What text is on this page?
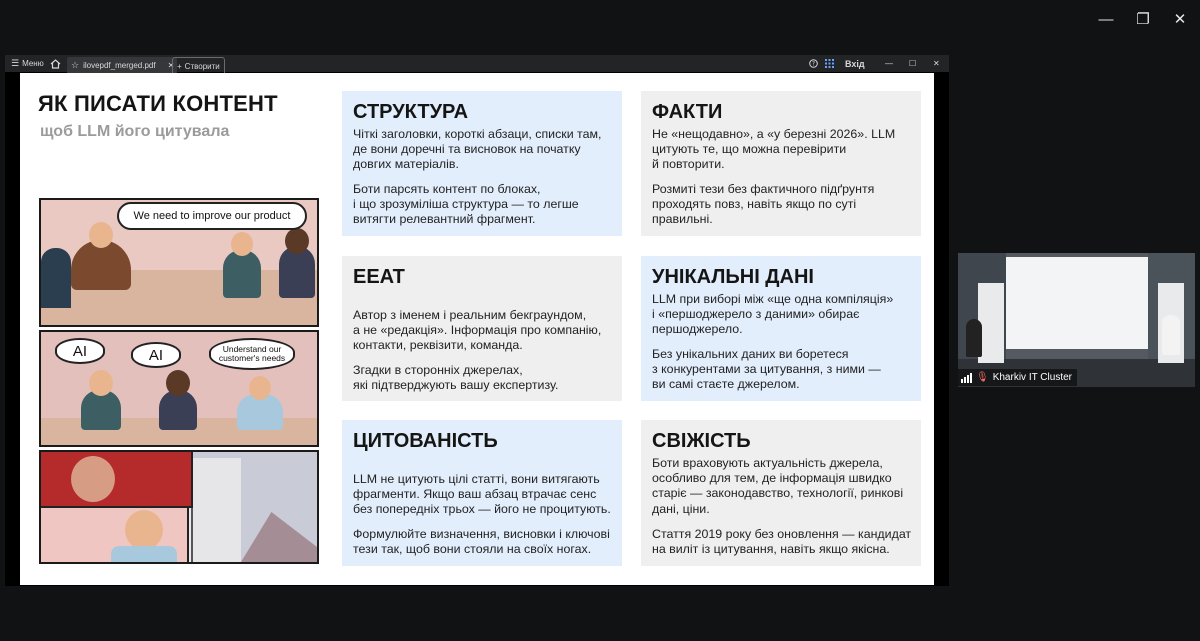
—	❐	✕
☰ Меню	☆ ilovepdf_merged.pdf ✕ + Створити	?	Вхід	— ☐ ✕
ЯК ПИСАТИ КОНТЕНТ
щоб LLM його цитувала
We need to improve our product
AI	AI	Understand our customer's needs
СТРУКТУРА

Чіткі заголовки, короткі абзаци, списки там,
де вони доречні та висновок на початку
довгих матеріалів.

Боти парсять контент по блоках,
і що зрозуміліша структура — то легше
витягти релевантний фрагмент.

ФАКТИ

Не «нещодавно», а «у березні 2026». LLM
цитують те, що можна перевірити
й повторити.

Розмиті тези без фактичного підґрунтя
проходять повз, навіть якщо по суті
правильні.

EEAT

Автор з іменем і реальним бекграундом,
а не «редакція». Інформація про компанію,
контакти, реквізити, команда.

Згадки в сторонніх джерелах,
які підтверджують вашу експертизу.

УНІКАЛЬНІ ДАНІ

LLM при виборі між «ще одна компіляція»
і «першоджерело з даними» обирає
першоджерело.

Без унікальних даних ви боретеся
з конкурентами за цитування, з ними —
ви самі стаєте джерелом.

ЦИТОВАНІСТЬ

LLM не цитують цілі статті, вони витягають
фрагменти. Якщо ваш абзац втрачає сенс
без попередніх трьох — його не процитують.

Формулюйте визначення, висновки і ключові
тези так, щоб вони стояли на своїх ногах.

СВІЖІСТЬ

Боти враховують актуальність джерела,
особливо для тем, де інформація швидко
старіє — законодавство, технології, ринкові
дані, ціни.

Стаття 2019 року без оновлення — кандидат
на виліт із цитування, навіть якщо якісна.

🎙 Kharkiv IT Cluster
